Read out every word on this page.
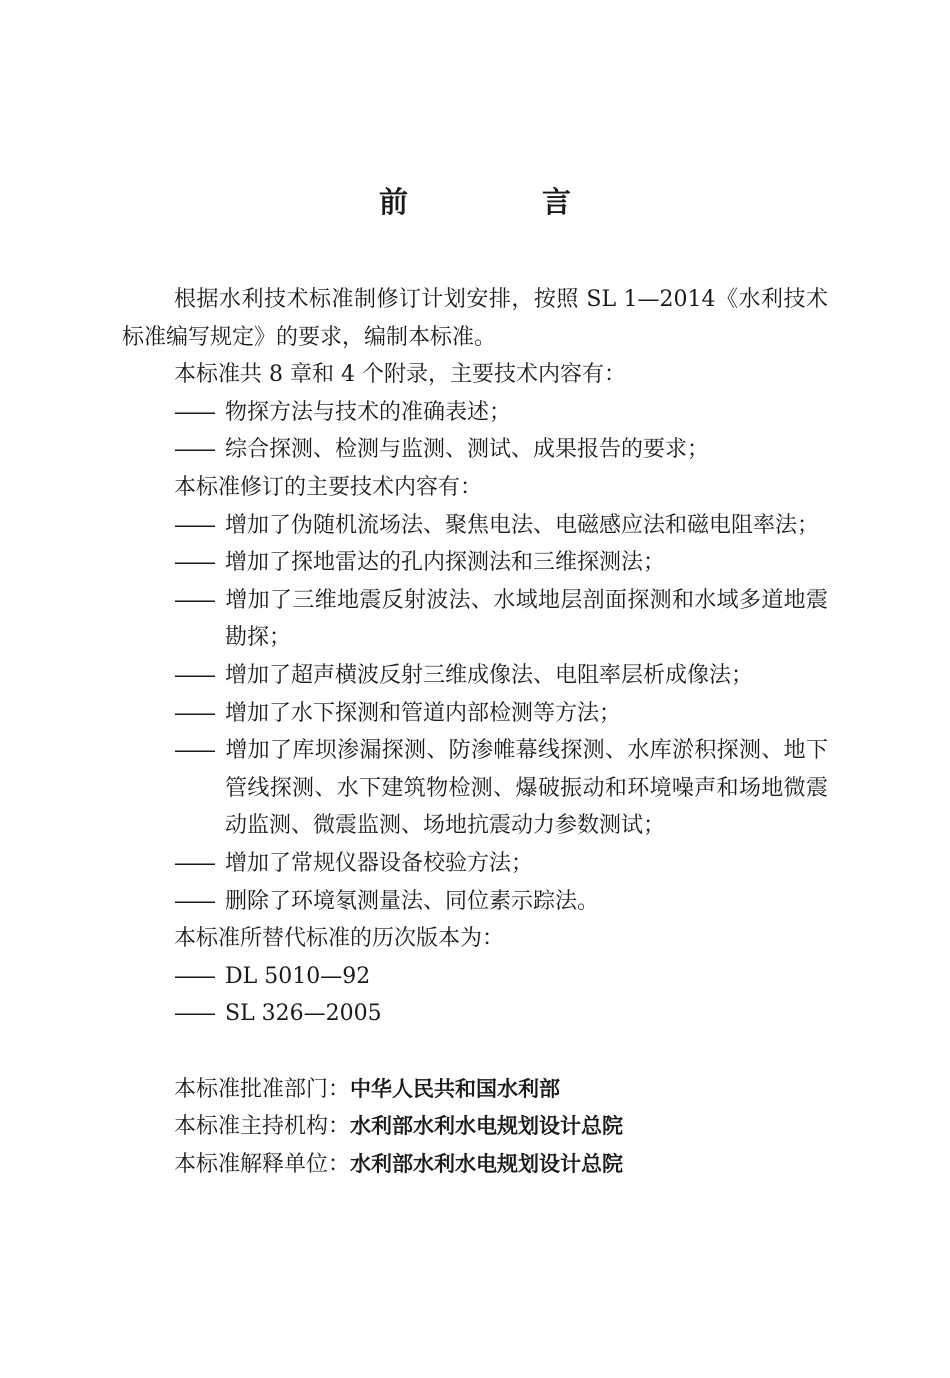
前 言

根据水利技术标准制修订计划安排，按照 SL 1—2014《水利技术标准编写规定》的要求，编制本标准。

本标准共 8 章和 4 个附录，主要技术内容有：

—— 物探方法与技术的准确表述；

—— 综合探测、检测与监测、测试、成果报告的要求；

本标准修订的主要技术内容有：

—— 增加了伪随机流场法、聚焦电法、电磁感应法和磁电阻率法；

—— 增加了探地雷达的孔内探测法和三维探测法；

—— 增加了三维地震反射波法、水域地层剖面探测和水域多道地震勘探；

—— 增加了超声横波反射三维成像法、电阻率层析成像法；

—— 增加了水下探测和管道内部检测等方法；

—— 增加了库坝渗漏探测、防渗帷幕线探测、水库淤积探测、地下管线探测、水下建筑物检测、爆破振动和环境噪声和场地微震动监测、微震监测、场地抗震动力参数测试；

—— 增加了常规仪器设备校验方法；

—— 删除了环境氡测量法、同位素示踪法。

本标准所替代标准的历次版本为：

—— DL 5010—92

—— SL 326—2005

本标准批准部门：中华人民共和国水利部

本标准主持机构：水利部水利水电规划设计总院

本标准解释单位：水利部水利水电规划设计总院
